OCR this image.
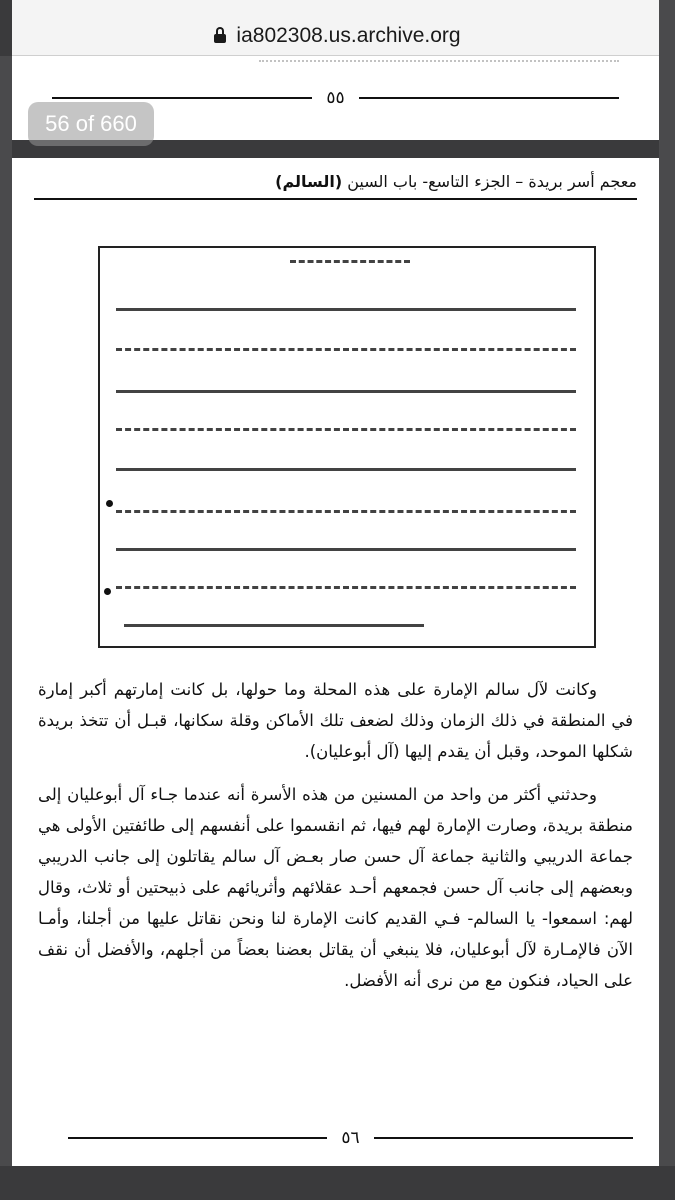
ia802308.us.archive.org
٥٥
معجم أسر بريدة – الجزء التاسع- باب السين (السالم)

وكانت لآل سالم الإمارة على هذه المحلة وما حولها، بل كانت إمارتهم أكبر إمارة في المنطقة في ذلك الزمان وذلك لضعف تلك الأماكن وقلة سكانها، قبـل أن تتخذ بريدة شكلها الموحد، وقبل أن يقدم إليها (آل أبوعليان).

وحدثني أكثر من واحد من المسنين من هذه الأسرة أنه عندما جـاء آل أبوعليان إلى منطقة بريدة، وصارت الإمارة لهم فيها، ثم انقسموا على أنفسهم إلى طائفتين الأولى هي جماعة الدريبي والثانية جماعة آل حسن صار بعـض آل سالم يقاتلون إلى جانب الدريبي وبعضهم إلى جانب آل حسن فجمعهم أحـد عقلائهم وأثريائهم على ذبيحتين أو ثلاث، وقال لهم: اسمعوا- يا السالم- فـي القديم كانت الإمارة لنا ونحن نقاتل عليها من أجلنا، وأمـا الآن فالإمـارة لآل أبوعليان، فلا ينبغي أن يقاتل بعضنا بعضاً من أجلهم، والأفضل أن نقف على الحياد، فنكون مع من نرى أنه الأفضل.

٥٦
56 of 660
